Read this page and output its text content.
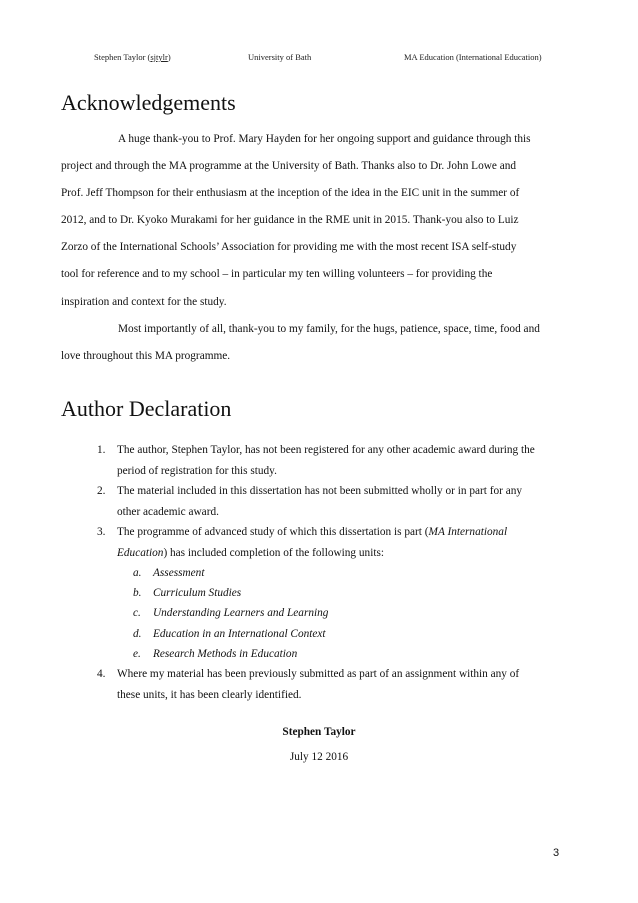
Stephen Taylor (sjtylr)	University of Bath	MA Education (International Education)
Acknowledgements
A huge thank-you to Prof. Mary Hayden for her ongoing support and guidance through this
project and through the MA programme at the University of Bath. Thanks also to Dr. John Lowe and
Prof. Jeff Thompson for their enthusiasm at the inception of the idea in the EIC unit in the summer of
2012, and to Dr. Kyoko Murakami for her guidance in the RME unit in 2015. Thank-you also to Luiz
Zorzo of the International Schools’ Association for providing me with the most recent ISA self-study
tool for reference and to my school – in particular my ten willing volunteers – for providing the
inspiration and context for the study.
Most importantly of all, thank-you to my family, for the hugs, patience, space, time, food and
love throughout this MA programme.
Author Declaration
1. The author, Stephen Taylor, has not been registered for any other academic award during the
period of registration for this study.
2. The material included in this dissertation has not been submitted wholly or in part for any
other academic award.
3. The programme of advanced study of which this dissertation is part (MA International
Education) has included completion of the following units:
a. Assessment
b. Curriculum Studies
c. Understanding Learners and Learning
d. Education in an International Context
e. Research Methods in Education
4. Where my material has been previously submitted as part of an assignment within any of
these units, it has been clearly identified.
Stephen Taylor
July 12 2016
3
